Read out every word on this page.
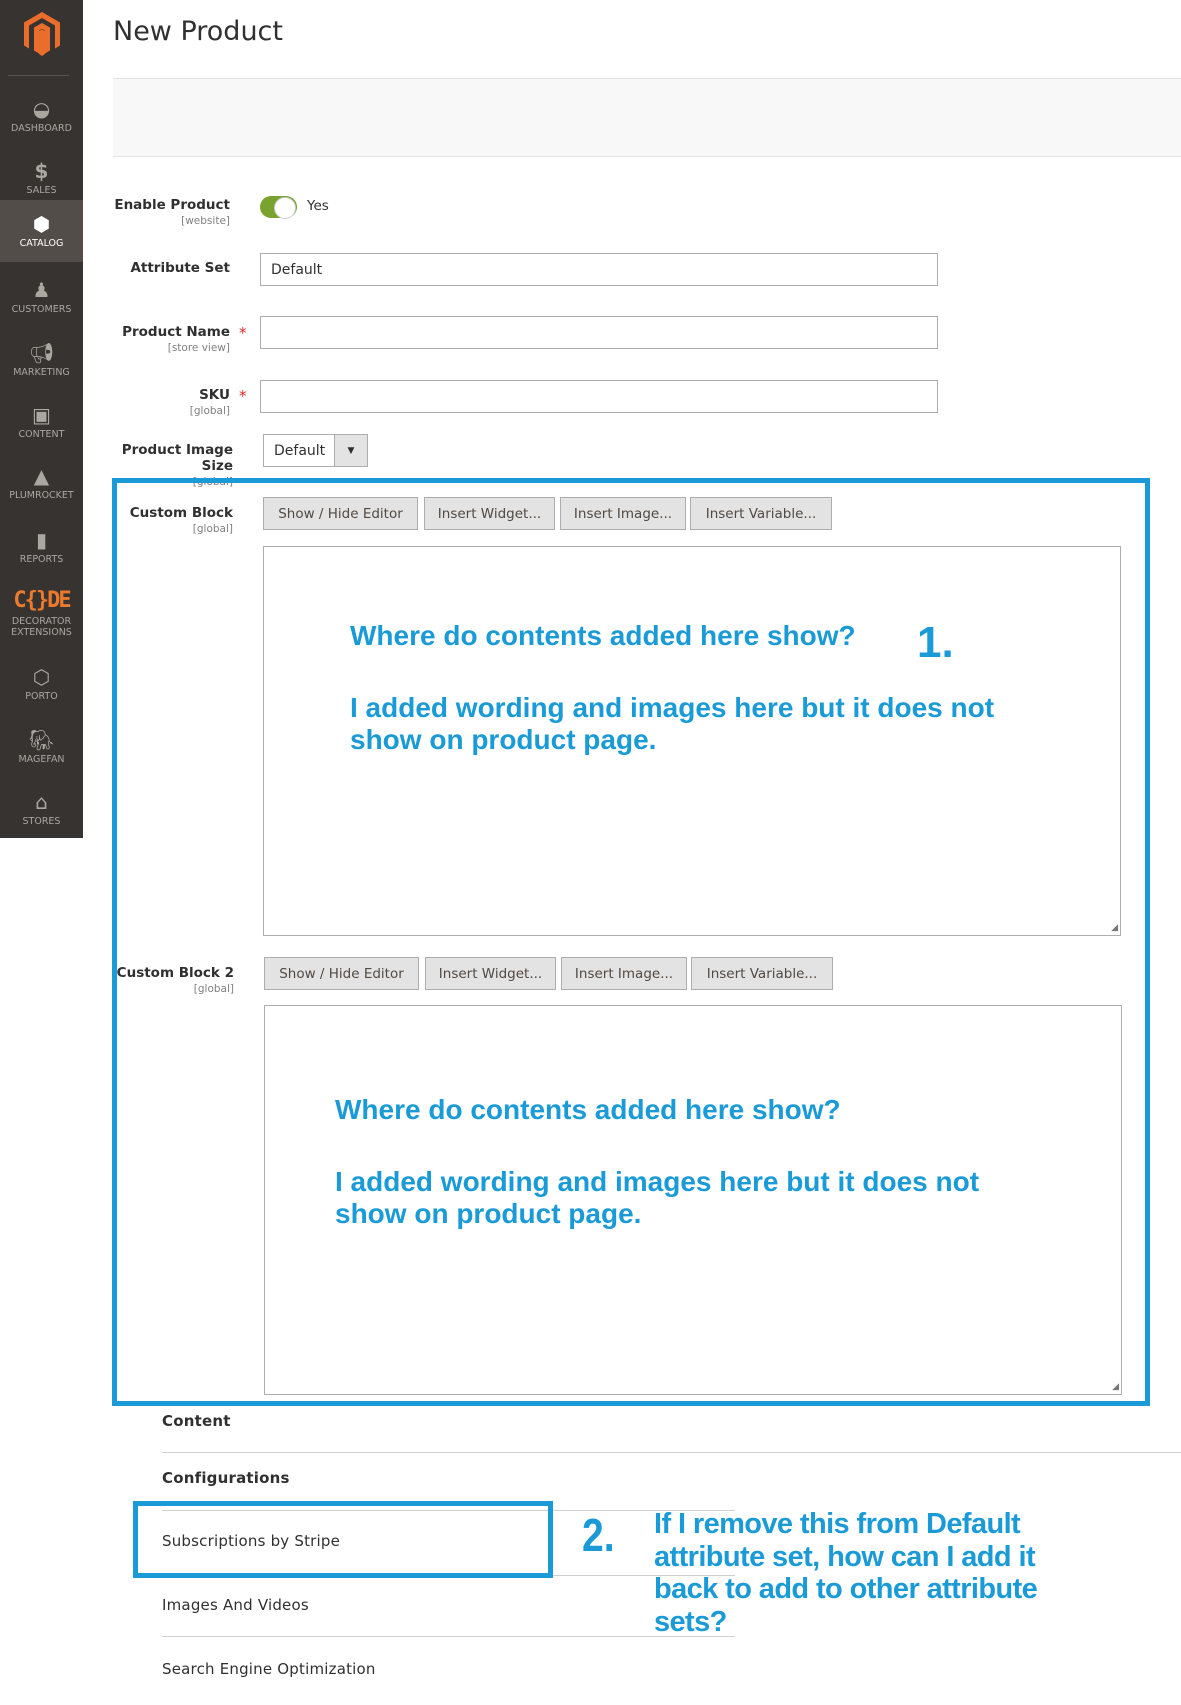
◒
DASHBOARD
$
SALES
⬢
CATALOG
♟
CUSTOMERS
📢︎
MARKETING
▣
CONTENT
▲
PLUMROCKET
▮
REPORTS
C{}DE
DECORATOR EXTENSIONS
⬡
PORTO
🐘︎
MAGEFAN
⌂
STORES
New Product
Enable Product
[website]
Yes
Attribute Set	Default
Product Name
[store view]
*
SKU
[global]
*
Product Image Size
[global]
Default	▼
Custom Block
[global]
Show / Hide Editor	Insert Widget...	Insert Image...	Insert Variable...
◢
Where do contents added here show? 1.
I added wording and images here but it does not show on product page.
Custom Block 2
[global]
Show / Hide Editor	Insert Widget...	Insert Image...	Insert Variable...
◢
Where do contents added here show?
I added wording and images here but it does not show on product page.
Content
Configurations
Subscriptions by Stripe
Images And Videos
Search Engine Optimization
2. If I remove this from Default attribute set, how can I add it back to add to other attribute sets?
